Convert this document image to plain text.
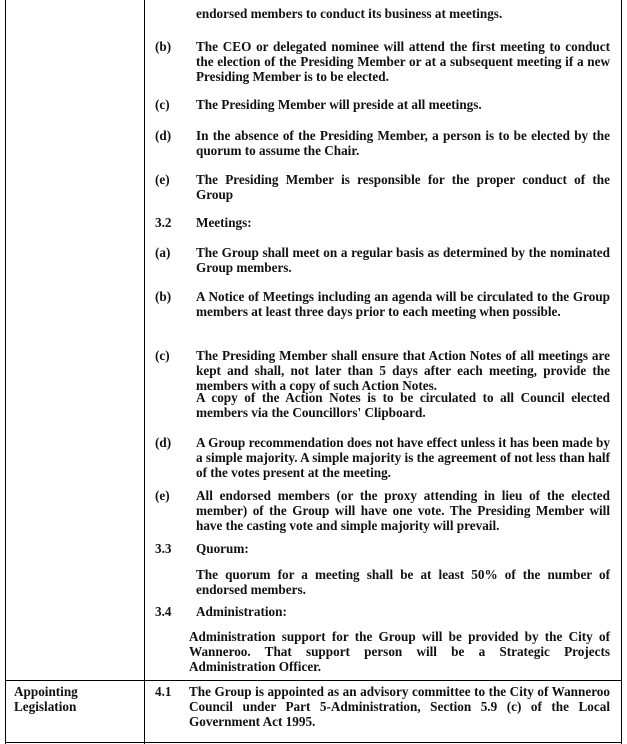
endorsed members to conduct its business at meetings.
(b) The CEO or delegated nominee will attend the first meeting to conduct the election of the Presiding Member or at a subsequent meeting if a new Presiding Member is to be elected.
(c) The Presiding Member will preside at all meetings.
(d) In the absence of the Presiding Member, a person is to be elected by the quorum to assume the Chair.
(e) The Presiding Member is responsible for the proper conduct of the Group
3.2 Meetings:
(a) The Group shall meet on a regular basis as determined by the nominated Group members.
(b) A Notice of Meetings including an agenda will be circulated to the Group members at least three days prior to each meeting when possible.
(c) The Presiding Member shall ensure that Action Notes of all meetings are kept and shall, not later than 5 days after each meeting, provide the members with a copy of such Action Notes.
A copy of the Action Notes is to be circulated to all Council elected members via the Councillors' Clipboard.
(d) A Group recommendation does not have effect unless it has been made by a simple majority. A simple majority is the agreement of not less than half of the votes present at the meeting.
(e) All endorsed members (or the proxy attending in lieu of the elected member) of the Group will have one vote. The Presiding Member will have the casting vote and simple majority will prevail.
3.3 Quorum:
The quorum for a meeting shall be at least 50% of the number of endorsed members.
3.4 Administration:
Administration support for the Group will be provided by the City of Wanneroo. That support person will be a Strategic Projects Administration Officer.
Appointing Legislation
4.1 The Group is appointed as an advisory committee to the City of Wanneroo Council under Part 5-Administration, Section 5.9 (c) of the Local Government Act 1995.
